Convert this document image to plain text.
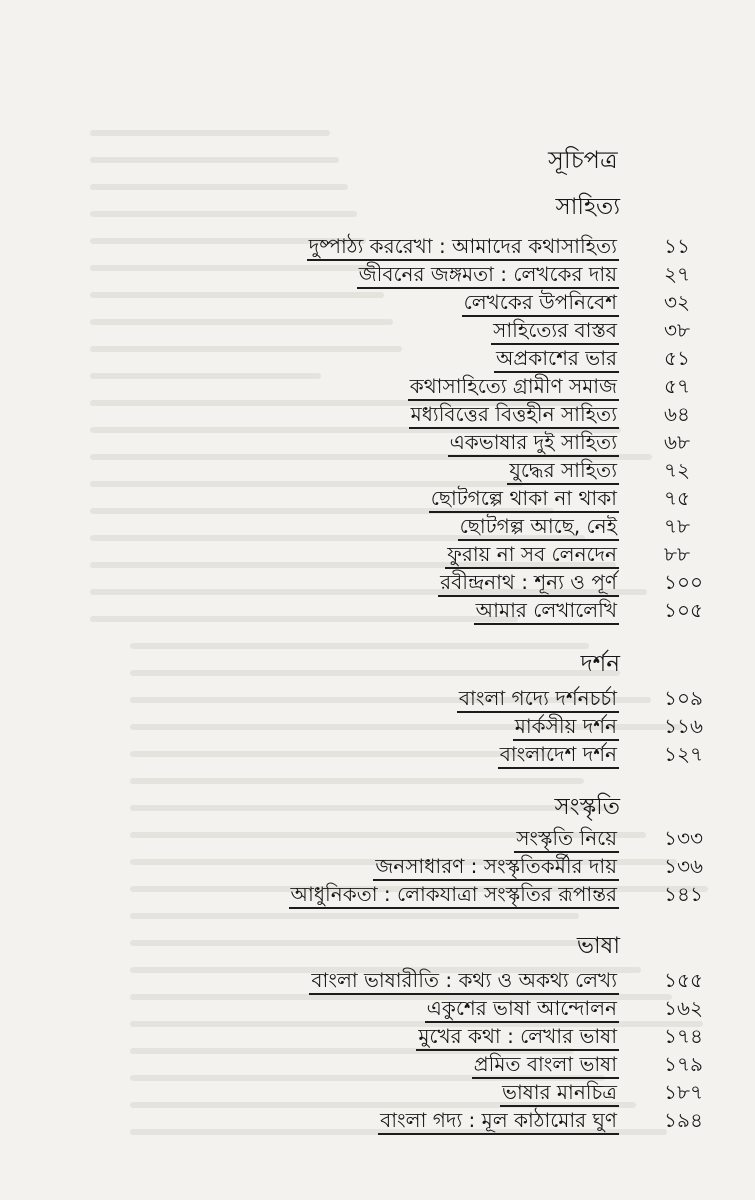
সূচিপত্র
সাহিত্য
দুষ্পাঠ্য কররেখা : আমাদের কথাসাহিত্য ১১
জীবনের জঙ্গমতা : লেখকের দায় ২৭
লেখকের উপনিবেশ ৩২
সাহিত্যের বাস্তব ৩৮
অপ্রকাশের ভার ৫১
কথাসাহিত্যে গ্রামীণ সমাজ ৫৭
মধ্যবিত্তের বিত্তহীন সাহিত্য ৬৪
একভাষার দুই সাহিত্য ৬৮
যুদ্ধের সাহিত্য ৭২
ছোটগল্পে থাকা না থাকা ৭৫
ছোটগল্প আছে, নেই ৭৮
ফুরায় না সব লেনদেন ৮৮
রবীন্দ্রনাথ : শূন্য ও পূর্ণ ১০০
আমার লেখালেখি ১০৫
দর্শন
বাংলা গদ্যে দর্শনচর্চা ১০৯
মার্কসীয় দর্শন ১১৬
বাংলাদেশ দর্শন ১২৭
সংস্কৃতি
সংস্কৃতি নিয়ে ১৩৩
জনসাধারণ : সংস্কৃতিকর্মীর দায় ১৩৬
আধুনিকতা : লোকযাত্রা সংস্কৃতির রূপান্তর ১৪১
ভাষা
বাংলা ভাষারীতি : কথ্য ও অকথ্য লেখ্য ১৫৫
একুশের ভাষা আন্দোলন ১৬২
মুখের কথা : লেখার ভাষা ১৭৪
প্রমিত বাংলা ভাষা ১৭৯
ভাষার মানচিত্র ১৮৭
বাংলা গদ্য : মূল কাঠামোর ঘুণ ১৯৪
